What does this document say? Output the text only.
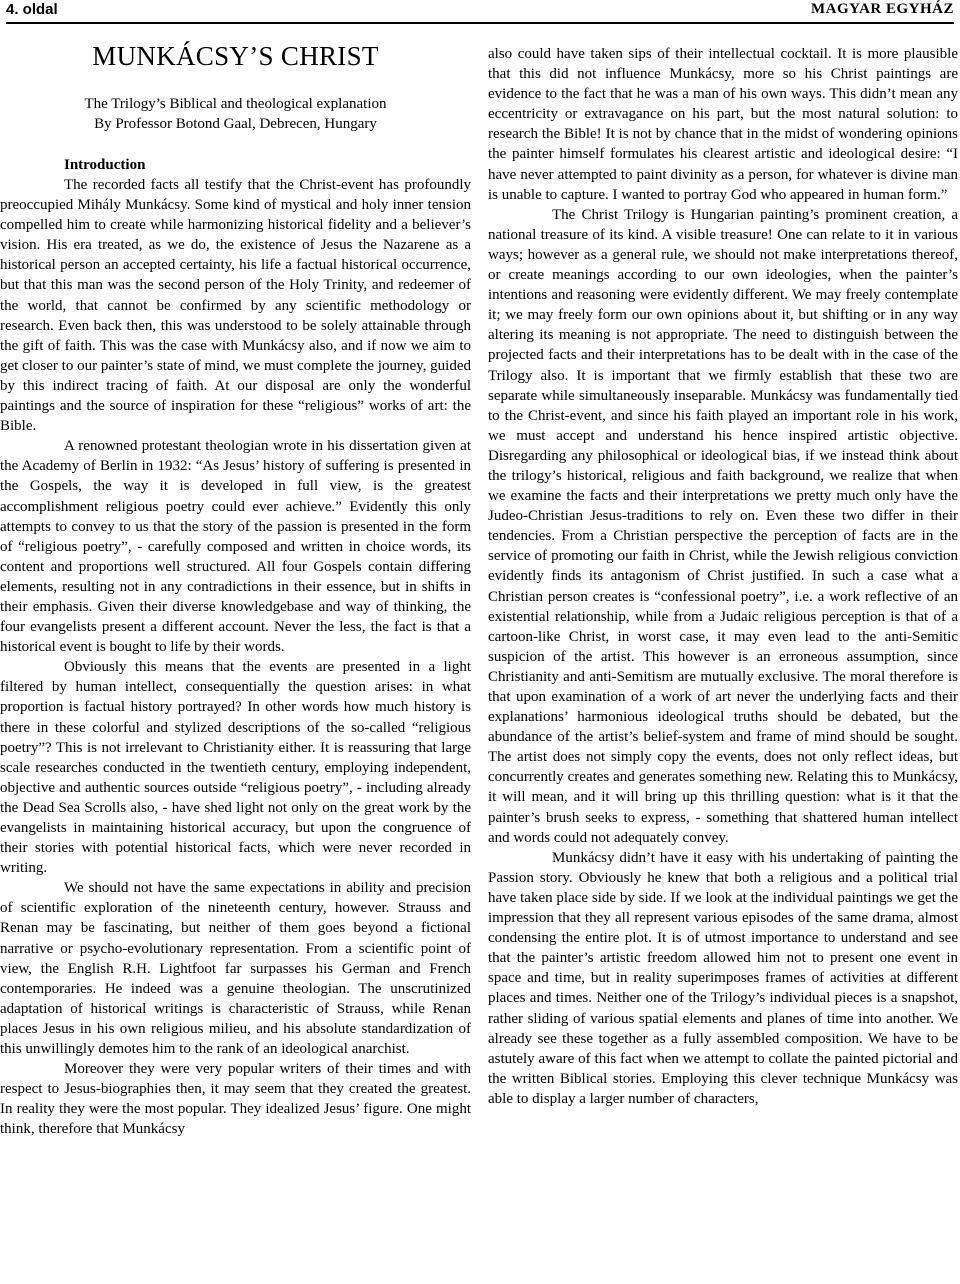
4. oldal	MAGYAR EGYHÁZ
MUNKÁCSY’S CHRIST
The Trilogy’s Biblical and theological explanation
By Professor Botond Gaal, Debrecen, Hungary
Introduction

The recorded facts all testify that the Christ-event has profoundly preoccupied Mihály Munkácsy. Some kind of mystical and holy inner tension compelled him to create while harmonizing historical fidelity and a believer’s vision. His era treated, as we do, the existence of Jesus the Nazarene as a historical person an accepted certainty, his life a factual historical occurrence, but that this man was the second person of the Holy Trinity, and redeemer of the world, that cannot be confirmed by any scientific methodology or research. Even back then, this was understood to be solely attainable through the gift of faith. This was the case with Munkácsy also, and if now we aim to get closer to our painter’s state of mind, we must complete the journey, guided by this indirect tracing of faith. At our disposal are only the wonderful paintings and the source of inspiration for these “religious” works of art: the Bible.

A renowned protestant theologian wrote in his dissertation given at the Academy of Berlin in 1932: “As Jesus’ history of suffering is presented in the Gospels, the way it is developed in full view, is the greatest accomplishment religious poetry could ever achieve.” Evidently this only attempts to convey to us that the story of the passion is presented in the form of “religious poetry”, - carefully composed and written in choice words, its content and proportions well structured. All four Gospels contain differing elements, resulting not in any contradictions in their essence, but in shifts in their emphasis. Given their diverse knowledgebase and way of thinking, the four evangelists present a different account. Never the less, the fact is that a historical event is bought to life by their words.

Obviously this means that the events are presented in a light filtered by human intellect, consequentially the question arises: in what proportion is factual history portrayed? In other words how much history is there in these colorful and stylized descriptions of the so-called “religious poetry”? This is not irrelevant to Christianity either. It is reassuring that large scale researches conducted in the twentieth century, employing independent, objective and authentic sources outside “religious poetry”, - including already the Dead Sea Scrolls also, - have shed light not only on the great work by the evangelists in maintaining historical accuracy, but upon the congruence of their stories with potential historical facts, which were never recorded in writing.

We should not have the same expectations in ability and precision of scientific exploration of the nineteenth century, however. Strauss and Renan may be fascinating, but neither of them goes beyond a fictional narrative or psycho-evolutionary representation. From a scientific point of view, the English R.H. Lightfoot far surpasses his German and French contemporaries. He indeed was a genuine theologian. The unscrutinized adaptation of historical writings is characteristic of Strauss, while Renan places Jesus in his own religious milieu, and his absolute standardization of this unwillingly demotes him to the rank of an ideological anarchist.

Moreover they were very popular writers of their times and with respect to Jesus-biographies then, it may seem that they created the greatest. In reality they were the most popular. They idealized Jesus’ figure. One might think, therefore that Munkácsy

also could have taken sips of their intellectual cocktail. It is more plausible that this did not influence Munkácsy, more so his Christ paintings are evidence to the fact that he was a man of his own ways. This didn’t mean any eccentricity or extravagance on his part, but the most natural solution: to research the Bible! It is not by chance that in the midst of wondering opinions the painter himself formulates his clearest artistic and ideological desire: “I have never attempted to paint divinity as a person, for whatever is divine man is unable to capture. I wanted to portray God who appeared in human form.”

The Christ Trilogy is Hungarian painting’s prominent creation, a national treasure of its kind. A visible treasure! One can relate to it in various ways; however as a general rule, we should not make interpretations thereof, or create meanings according to our own ideologies, when the painter’s intentions and reasoning were evidently different. We may freely contemplate it; we may freely form our own opinions about it, but shifting or in any way altering its meaning is not appropriate. The need to distinguish between the projected facts and their interpretations has to be dealt with in the case of the Trilogy also. It is important that we firmly establish that these two are separate while simultaneously inseparable. Munkácsy was fundamentally tied to the Christ-event, and since his faith played an important role in his work, we must accept and understand his hence inspired artistic objective. Disregarding any philosophical or ideological bias, if we instead think about the trilogy’s historical, religious and faith background, we realize that when we examine the facts and their interpretations we pretty much only have the Judeo-Christian Jesus-traditions to rely on. Even these two differ in their tendencies. From a Christian perspective the perception of facts are in the service of promoting our faith in Christ, while the Jewish religious conviction evidently finds its antagonism of Christ justified. In such a case what a Christian person creates is “confessional poetry”, i.e. a work reflective of an existential relationship, while from a Judaic religious perception is that of a cartoon-like Christ, in worst case, it may even lead to the anti-Semitic suspicion of the artist. This however is an erroneous assumption, since Christianity and anti-Semitism are mutually exclusive. The moral therefore is that upon examination of a work of art never the underlying facts and their explanations’ harmonious ideological truths should be debated, but the abundance of the artist’s belief-system and frame of mind should be sought. The artist does not simply copy the events, does not only reflect ideas, but concurrently creates and generates something new. Relating this to Munkácsy, it will mean, and it will bring up this thrilling question: what is it that the painter’s brush seeks to express, - something that shattered human intellect and words could not adequately convey.

Munkácsy didn’t have it easy with his undertaking of painting the Passion story. Obviously he knew that both a religious and a political trial have taken place side by side. If we look at the individual paintings we get the impression that they all represent various episodes of the same drama, almost condensing the entire plot. It is of utmost importance to understand and see that the painter’s artistic freedom allowed him not to present one event in space and time, but in reality superimposes frames of activities at different places and times. Neither one of the Trilogy’s individual pieces is a snapshot, rather sliding of various spatial elements and planes of time into another. We already see these together as a fully assembled composition. We have to be astutely aware of this fact when we attempt to collate the painted pictorial and the written Biblical stories. Employing this clever technique Munkácsy was able to display a larger number of characters,
